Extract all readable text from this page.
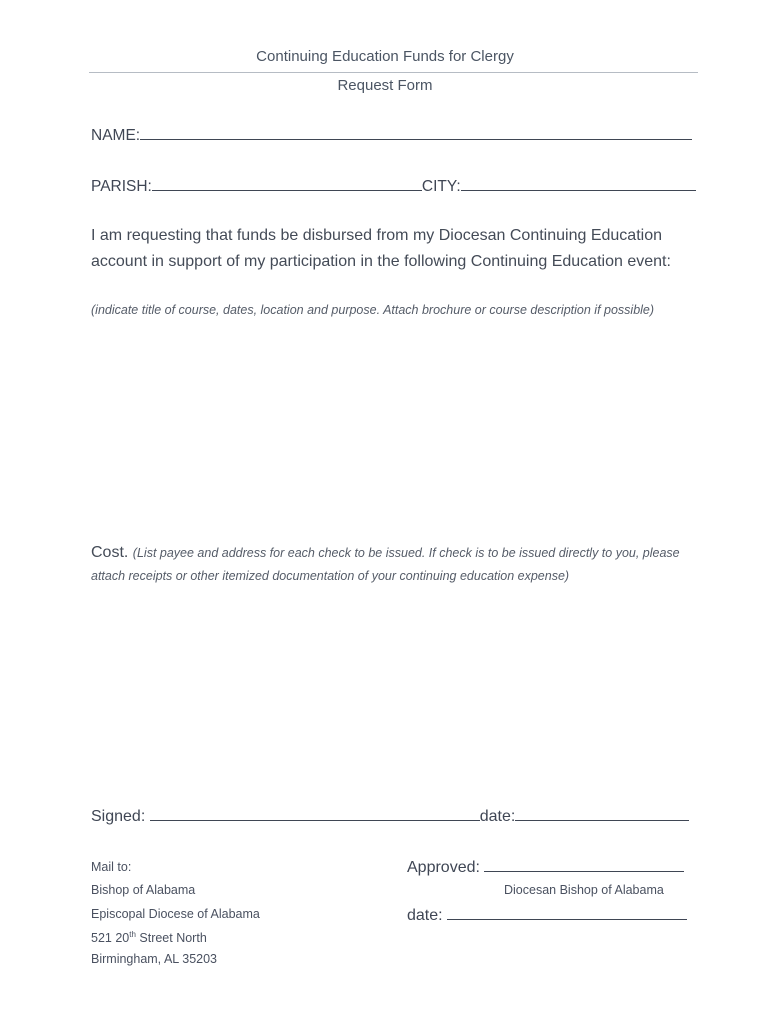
Continuing Education Funds for Clergy
Request Form
NAME:
PARISH:	CITY:
I am requesting that funds be disbursed from my Diocesan Continuing Education account in support of my participation in the following Continuing Education event:
(indicate title of course, dates, location and purpose. Attach brochure or course description if possible)
Cost. (List payee and address for each check to be issued. If check is to be issued directly to you, please attach receipts or other itemized documentation of your continuing education expense)
Signed:	date:
Mail to:
Bishop of Alabama
Episcopal Diocese of Alabama
521 20th Street North
Birmingham, AL 35203
Approved:
Diocesan Bishop of Alabama
date:
